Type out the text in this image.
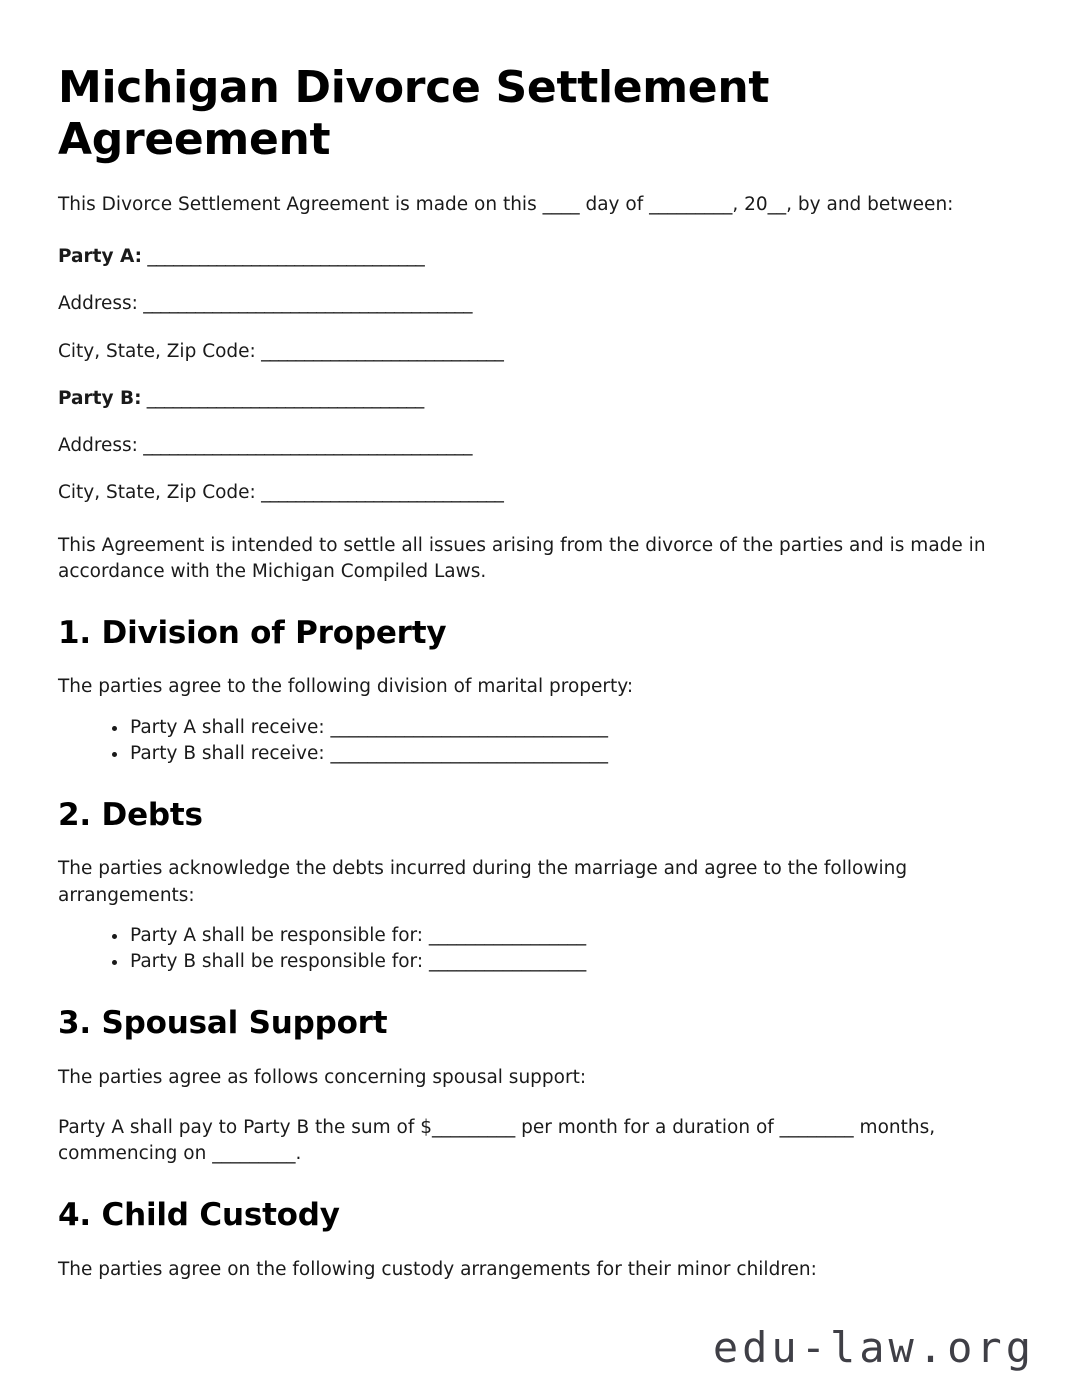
Michigan Divorce Settlement Agreement

This Divorce Settlement Agreement is made on this ____ day of _________, 20__, by and between:

Party A: ________________________________

Address: ______________________________________

City, State, Zip Code: ____________________________

Party B: ________________________________

Address: ______________________________________

City, State, Zip Code: ____________________________

This Agreement is intended to settle all issues arising from the divorce of the parties and is made in accordance with the Michigan Compiled Laws.

1. Division of Property

The parties agree to the following division of marital property:

Party A shall receive: ______________________________
Party B shall receive: ______________________________
2. Debts

The parties acknowledge the debts incurred during the marriage and agree to the following arrangements:

Party A shall be responsible for: _________________
Party B shall be responsible for: _________________
3. Spousal Support

The parties agree as follows concerning spousal support:

Party A shall pay to Party B the sum of $_________ per month for a duration of ________ months, commencing on _________.

4. Child Custody

The parties agree on the following custody arrangements for their minor children:

edu-law.org
